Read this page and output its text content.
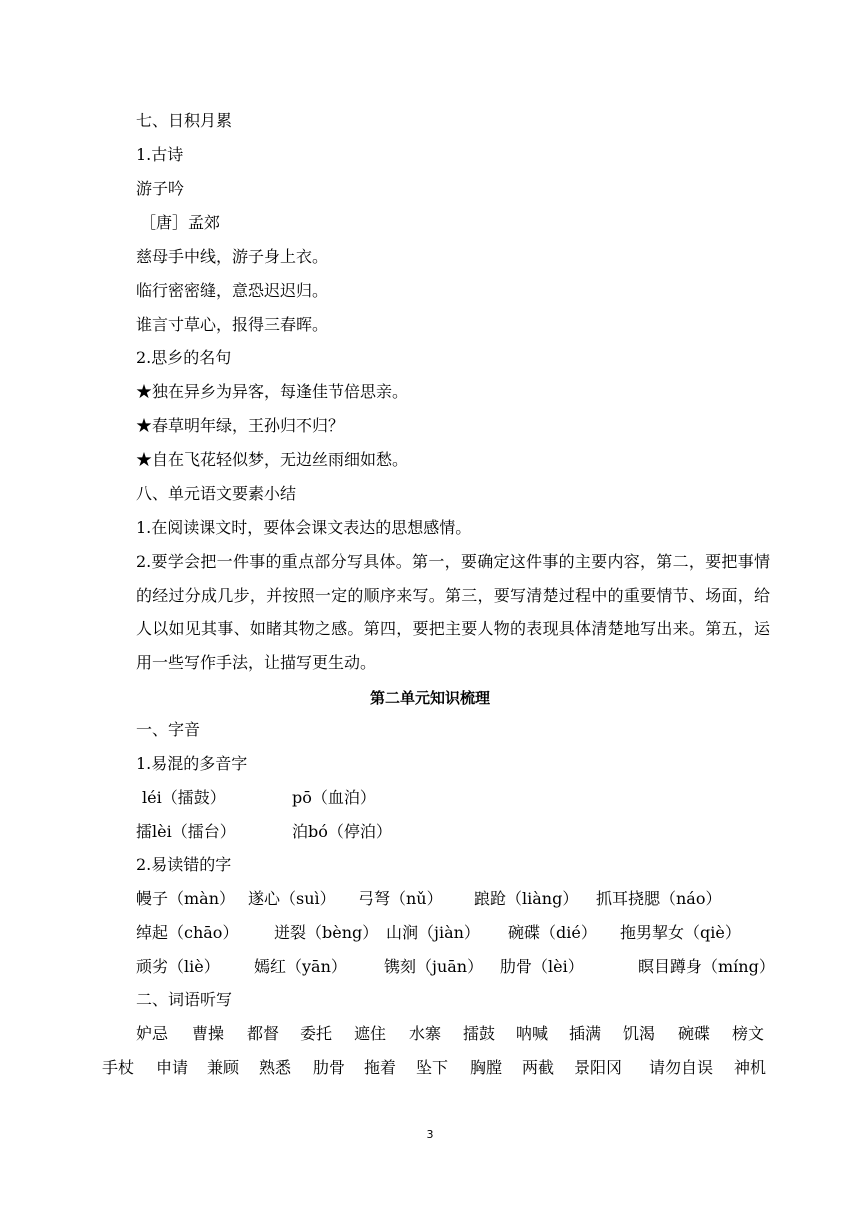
七、日积月累
1.古诗
游子吟
［唐］孟郊
慈母手中线，游子身上衣。
临行密密缝，意恐迟迟归。
谁言寸草心，报得三春晖。
2.思乡的名句
★独在异乡为异客，每逢佳节倍思亲。
★春草明年绿，王孙归不归？
★自在飞花轻似梦，无边丝雨细如愁。
八、单元语文要素小结
1.在阅读课文时，要体会课文表达的思想感情。
2.要学会把一件事的重点部分写具体。第一，要确定这件事的主要内容，第二，要把事情的经过分成几步，并按照一定的顺序来写。第三，要写清楚过程中的重要情节、场面，给人以如见其事、如睹其物之感。第四，要把主要人物的表现具体清楚地写出来。第五，运用一些写作手法，让描写更生动。
第二单元知识梳理
一、字音
1.易混的多音字
léi（擂鼓）	pō（血泊）
擂lèi（擂台）	泊bó（停泊）
2.易读错的字
幔子（màn） 遂心（suì） 弓弩（nǔ） 踉跄（liàng） 抓耳挠腮（náo）
绰起（chāo） 迸裂（bèng） 山涧（jiàn） 碗碟（dié） 拖男挈女（qiè）
顽劣（liè） 嫣红（yān） 镌刻（juān） 肋骨（lèi）	瞑目蹲身（míng）
二、词语听写
妒忌 曹操 都督 委托 遮住 水寨 擂鼓 呐喊 插满 饥渴 碗碟 榜文
手杖 申请 兼顾 熟悉 肋骨 拖着 坠下 胸膛 两截 景阳冈 请勿自误 神机
3
